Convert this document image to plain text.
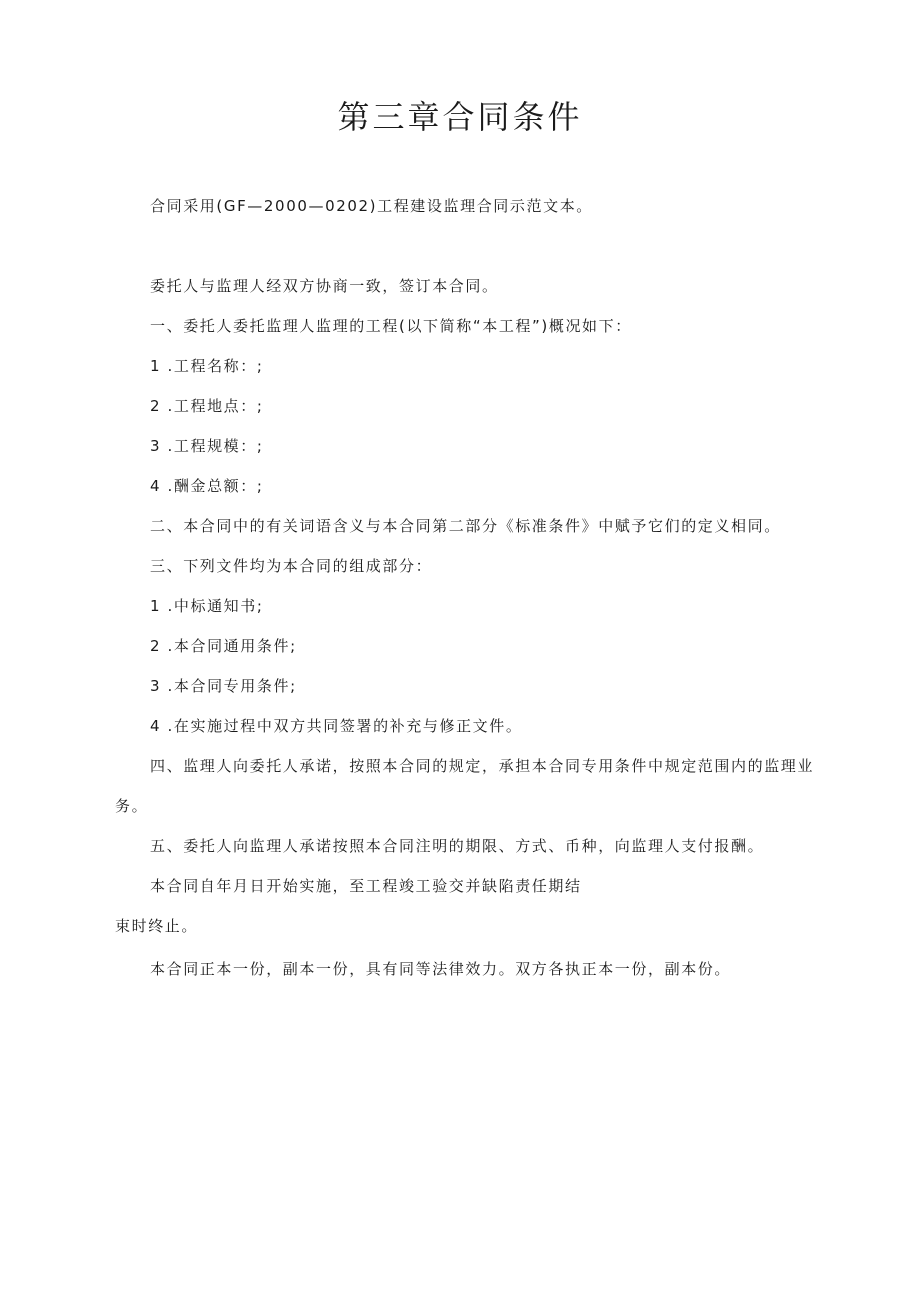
第三章合同条件
合同采用(GF—2000—0202)工程建设监理合同示范文本。
委托人与监理人经双方协商一致，签订本合同。
一、委托人委托监理人监理的工程(以下简称“本工程”)概况如下：
1 .工程名称：;
2 .工程地点：;
3 .工程规模：;
4 .酬金总额：;
二、本合同中的有关词语含义与本合同第二部分《标准条件》中赋予它们的定义相同。
三、下列文件均为本合同的组成部分：
1 .中标通知书;
2 .本合同通用条件;
3 .本合同专用条件;
4 .在实施过程中双方共同签署的补充与修正文件。
四、监理人向委托人承诺，按照本合同的规定，承担本合同专用条件中规定范围内的监理业
务。
五、委托人向监理人承诺按照本合同注明的期限、方式、币种，向监理人支付报酬。
本合同自年月日开始实施，至工程竣工验交并缺陷责任期结
束时终止。
本合同正本一份，副本一份，具有同等法律效力。双方各执正本一份，副本份。
